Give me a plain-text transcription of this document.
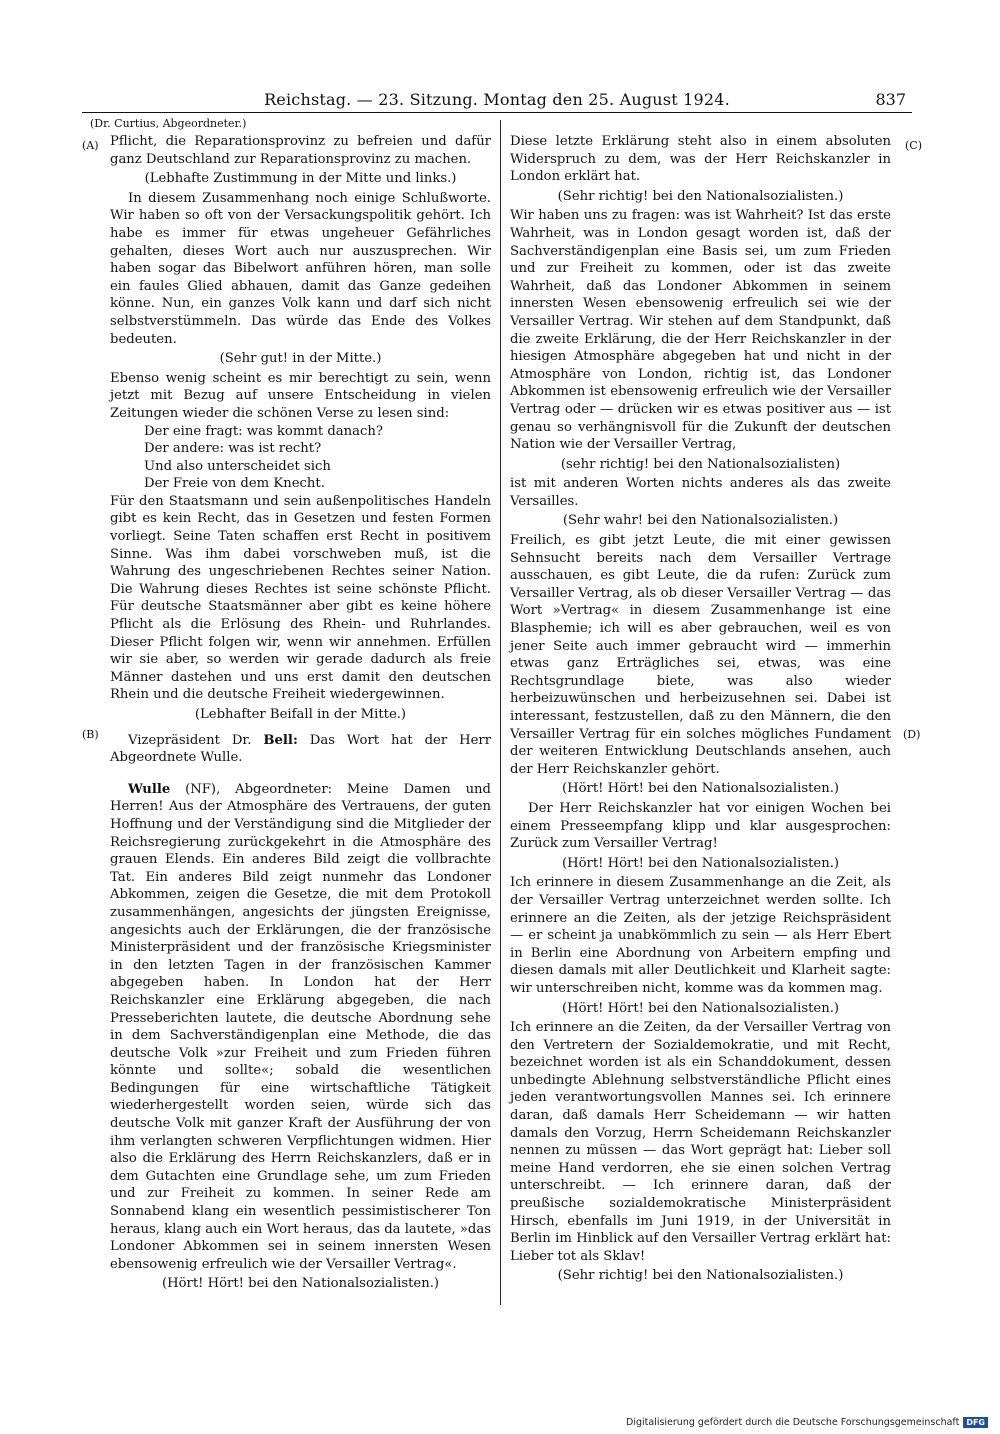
Reichstag. — 23. Sitzung. Montag den 25. August 1924.	837
(Dr. Curtius, Abgeordneter.)
(A)
(B)
(C)
(D)

Pflicht, die Reparationsprovinz zu befreien und dafür ganz Deutschland zur Reparationsprovinz zu machen.

(Lebhafte Zustimmung in der Mitte und links.)

In diesem Zusammenhang noch einige Schlußworte. Wir haben so oft von der Versackungspolitik gehört. Ich habe es immer für etwas ungeheuer Gefährliches gehalten, dieses Wort auch nur auszusprechen. Wir haben sogar das Bibelwort anführen hören, man solle ein faules Glied abhauen, damit das Ganze gedeihen könne. Nun, ein ganzes Volk kann und darf sich nicht selbstverstümmeln. Das würde das Ende des Volkes bedeuten.

(Sehr gut! in der Mitte.)

Ebenso wenig scheint es mir berechtigt zu sein, wenn jetzt mit Bezug auf unsere Entscheidung in vielen Zeitungen wieder die schönen Verse zu lesen sind:

Der eine fragt: was kommt danach?

Der andere: was ist recht?

Und also unterscheidet sich

Der Freie von dem Knecht.

Für den Staatsmann und sein außenpolitisches Handeln gibt es kein Recht, das in Gesetzen und festen Formen vorliegt. Seine Taten schaffen erst Recht in positivem Sinne. Was ihm dabei vorschweben muß, ist die Wahrung des ungeschriebenen Rechtes seiner Nation. Die Wahrung dieses Rechtes ist seine schönste Pflicht. Für deutsche Staatsmänner aber gibt es keine höhere Pflicht als die Erlösung des Rhein- und Ruhrlandes. Dieser Pflicht folgen wir, wenn wir annehmen. Erfüllen wir sie aber, so werden wir gerade dadurch als freie Männer dastehen und uns erst damit den deutschen Rhein und die deutsche Freiheit wiedergewinnen.

(Lebhafter Beifall in der Mitte.)

Vizepräsident Dr. Bell: Das Wort hat der Herr Abgeordnete Wulle.

Wulle (NF), Abgeordneter: Meine Damen und Herren! Aus der Atmosphäre des Vertrauens, der guten Hoffnung und der Verständigung sind die Mitglieder der Reichsregierung zurückgekehrt in die Atmosphäre des grauen Elends. Ein anderes Bild zeigt die vollbrachte Tat. Ein anderes Bild zeigt nunmehr das Londoner Abkommen, zeigen die Gesetze, die mit dem Protokoll zusammenhängen, angesichts der jüngsten Ereignisse, angesichts auch der Erklärungen, die der französische Ministerpräsident und der französische Kriegsminister in den letzten Tagen in der französischen Kammer abgegeben haben. In London hat der Herr Reichskanzler eine Erklärung abgegeben, die nach Presseberichten lautete, die deutsche Abordnung sehe in dem Sachverständigenplan eine Methode, die das deutsche Volk »zur Freiheit und zum Frieden führen könnte und sollte«; sobald die wesentlichen Bedingungen für eine wirtschaftliche Tätigkeit wiederhergestellt worden seien, würde sich das deutsche Volk mit ganzer Kraft der Ausführung der von ihm verlangten schweren Verpflichtungen widmen. Hier also die Erklärung des Herrn Reichskanzlers, daß er in dem Gutachten eine Grundlage sehe, um zum Frieden und zur Freiheit zu kommen. In seiner Rede am Sonnabend klang ein wesentlich pessimistischerer Ton heraus, klang auch ein Wort heraus, das da lautete, »das Londoner Abkommen sei in seinem innersten Wesen ebensowenig erfreulich wie der Versailler Vertrag«.

(Hört! Hört! bei den Nationalsozialisten.)

Diese letzte Erklärung steht also in einem absoluten Widerspruch zu dem, was der Herr Reichskanzler in London erklärt hat.

(Sehr richtig! bei den Nationalsozialisten.)

Wir haben uns zu fragen: was ist Wahrheit? Ist das erste Wahrheit, was in London gesagt worden ist, daß der Sachverständigenplan eine Basis sei, um zum Frieden und zur Freiheit zu kommen, oder ist das zweite Wahrheit, daß das Londoner Abkommen in seinem innersten Wesen ebensowenig erfreulich sei wie der Versailler Vertrag. Wir stehen auf dem Standpunkt, daß die zweite Erklärung, die der Herr Reichskanzler in der hiesigen Atmosphäre abgegeben hat und nicht in der Atmosphäre von London, richtig ist, das Londoner Abkommen ist ebensowenig erfreulich wie der Versailler Vertrag oder — drücken wir es etwas positiver aus — ist genau so verhängnisvoll für die Zukunft der deutschen Nation wie der Versailler Vertrag,

(sehr richtig! bei den Nationalsozialisten)

ist mit anderen Worten nichts anderes als das zweite Versailles.

(Sehr wahr! bei den Nationalsozialisten.)

Freilich, es gibt jetzt Leute, die mit einer gewissen Sehnsucht bereits nach dem Versailler Vertrage ausschauen, es gibt Leute, die da rufen: Zurück zum Versailler Vertrag, als ob dieser Versailler Vertrag — das Wort »Vertrag« in diesem Zusammenhange ist eine Blasphemie; ich will es aber gebrauchen, weil es von jener Seite auch immer gebraucht wird — immerhin etwas ganz Erträgliches sei, etwas, was eine Rechtsgrundlage biete, was also wieder herbeizuwünschen und herbeizusehnen sei. Dabei ist interessant, festzustellen, daß zu den Männern, die den Versailler Vertrag für ein solches mögliches Fundament der weiteren Entwicklung Deutschlands ansehen, auch der Herr Reichskanzler gehört.

(Hört! Hört! bei den Nationalsozialisten.)

Der Herr Reichskanzler hat vor einigen Wochen bei einem Presseempfang klipp und klar ausgesprochen: Zurück zum Versailler Vertrag!

(Hört! Hört! bei den Nationalsozialisten.)

Ich erinnere in diesem Zusammenhange an die Zeit, als der Versailler Vertrag unterzeichnet werden sollte. Ich erinnere an die Zeiten, als der jetzige Reichspräsident — er scheint ja unabkömmlich zu sein — als Herr Ebert in Berlin eine Abordnung von Arbeitern empfing und diesen damals mit aller Deutlichkeit und Klarheit sagte: wir unterschreiben nicht, komme was da kommen mag.

(Hört! Hört! bei den Nationalsozialisten.)

Ich erinnere an die Zeiten, da der Versailler Vertrag von den Vertretern der Sozialdemokratie, und mit Recht, bezeichnet worden ist als ein Schanddokument, dessen unbedingte Ablehnung selbstverständliche Pflicht eines jeden verantwortungsvollen Mannes sei. Ich erinnere daran, daß damals Herr Scheidemann — wir hatten damals den Vorzug, Herrn Scheidemann Reichskanzler nennen zu müssen — das Wort geprägt hat: Lieber soll meine Hand verdorren, ehe sie einen solchen Vertrag unterschreibt. — Ich erinnere daran, daß der preußische sozialdemokratische Ministerpräsident Hirsch, ebenfalls im Juni 1919, in der Universität in Berlin im Hinblick auf den Versailler Vertrag erklärt hat: Lieber tot als Sklav!

(Sehr richtig! bei den Nationalsozialisten.)

Digitalisierung gefördert durch die Deutsche Forschungsgemeinschaft DFG
